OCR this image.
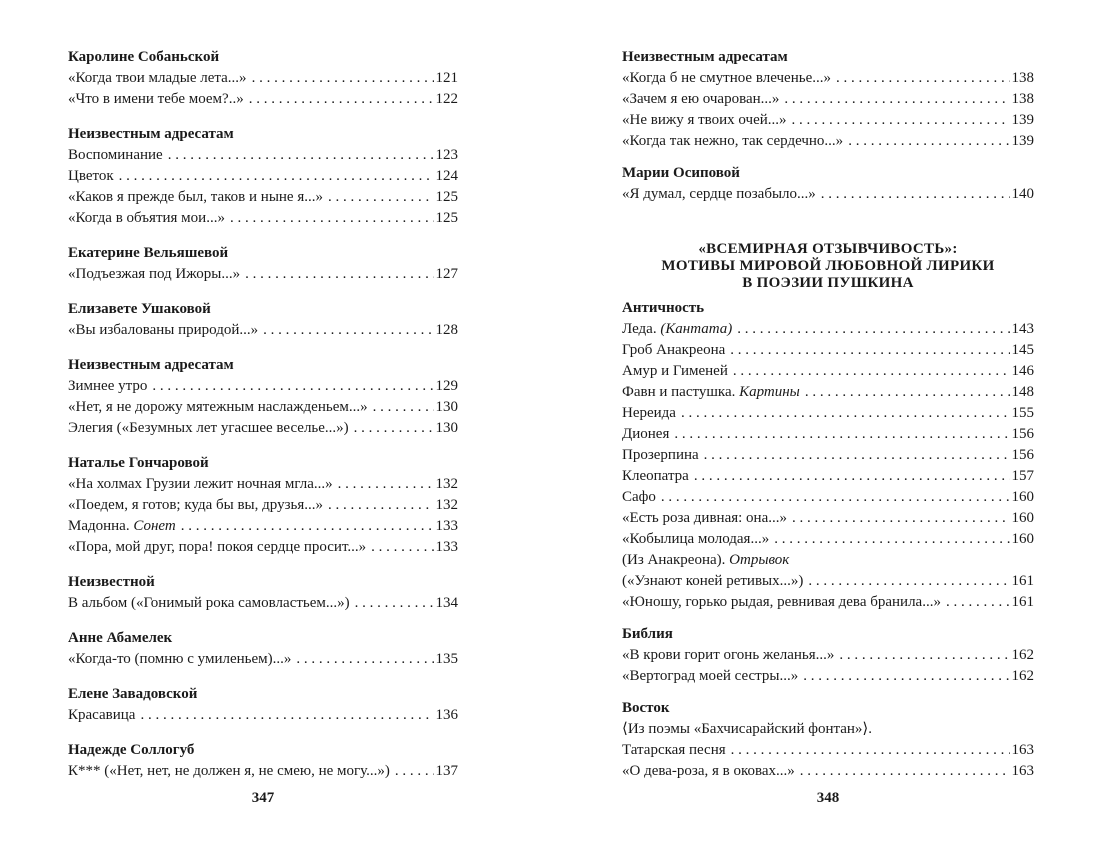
Каролине Собаньской
«Когда твои младые лета...» . . .	121
«Что в имени тебе моем?..» . . .	122
Неизвестным адресатам
Воспоминание . . .	123
Цветок . . .	124
«Каков я прежде был, таков и ныне я...» . . .	125
«Когда в объятия мои...» . . .	125
Екатерине Вельяшевой
«Подъезжая под Ижоры...» . . .	127
Елизавете Ушаковой
«Вы избалованы природой...» . . .	128
Неизвестным адресатам
Зимнее утро . . .	129
«Нет, я не дорожу мятежным наслажденьем...» . . .	130
Элегия («Безумных лет угасшее веселье...») . . .	130
Наталье Гончаровой
«На холмах Грузии лежит ночная мгла...» . . .	132
«Поедем, я готов; куда бы вы, друзья...» . . .	132
Мадонна. Сонет . . .	133
«Пора, мой друг, пора! покоя сердце просит...» . . .	133
Неизвестной
В альбом («Гонимый рока самовластьем...») . . .	134
Анне Абамелек
«Когда-то (помню с умиленьем)...» . . .	135
Елене Завадовской
Красавица . . .	136
Надежде Соллогуб
К*** («Нет, нет, не должен я, не смею, не могу...») . . .	137
347
Неизвестным адресатам
«Когда б не смутное влеченье...» . . .	138
«Зачем я ею очарован...» . . .	138
«Не вижу я твоих очей...» . . .	139
«Когда так нежно, так сердечно...» . . .	139
Марии Осиповой
«Я думал, сердце позабыло...» . . .	140
«ВСЕМИРНАЯ ОТЗЫВЧИВОСТЬ»:
МОТИВЫ МИРОВОЙ ЛЮБОВНОЙ ЛИРИКИ
В ПОЭЗИИ ПУШКИНА
Античность
Леда. (Кантата) . . .	143
Гроб Анакреона . . .	145
Амур и Гименей . . .	146
Фавн и пастушка. Картины . . .	148
Нереида . . .	155
Дионея . . .	156
Прозерпина . . .	156
Клеопатра . . .	157
Сафо . . .	160
«Есть роза дивная: она...» . . .	160
«Кобылица молодая...» . . .	160
(Из Анакреона). Отрывок
(«Узнают коней ретивых...») . . .	161
«Юношу, горько рыдая, ревнивая дева бранила...» . . .	161
Библия
«В крови горит огонь желанья...» . . .	162
«Вертоград моей сестры...» . . .	162
Восток
⟨Из поэмы «Бахчисарайский фонтан»⟩.
Татарская песня . . .	163
«О дева-роза, я в оковах...» . . .	163
348
